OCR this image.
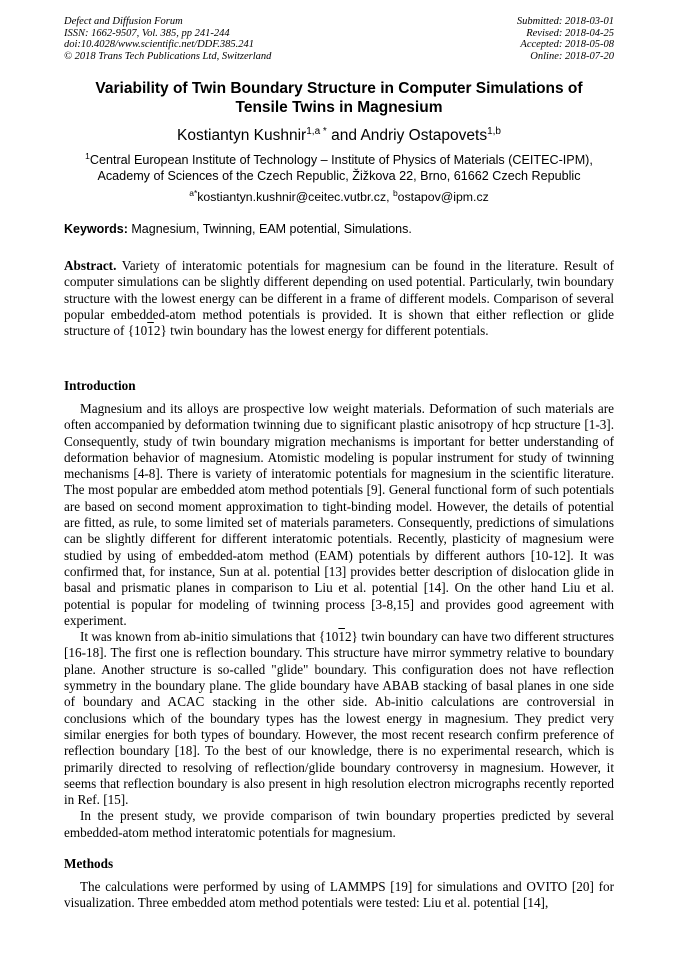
Defect and Diffusion Forum
ISSN: 1662-9507, Vol. 385, pp 241-244
doi:10.4028/www.scientific.net/DDF.385.241
© 2018 Trans Tech Publications Ltd, Switzerland
Submitted: 2018-03-01
Revised: 2018-04-25
Accepted: 2018-05-08
Online: 2018-07-20
Variability of Twin Boundary Structure in Computer Simulations of
Tensile Twins in Magnesium
Kostiantyn Kushnir$^{1,a *}$ and Andriy Ostapovets$^{1,b}$
$^1$Central European Institute of Technology – Institute of Physics of Materials (CEITEC-IPM),
Academy of Sciences of the Czech Republic, Žižkova 22, Brno, 61662 Czech Republic
$^{a*}$kostiantyn.kushnir@ceitec.vutbr.cz, $^b$ostapov@ipm.cz
Keywords: Magnesium, Twinning, EAM potential, Simulations.
Abstract. Variety of interatomic potentials for magnesium can be found in the literature. Result of computer simulations can be slightly different depending on used potential. Particularly, twin boundary structure with the lowest energy can be different in a frame of different models. Comparison of several popular embedded-atom method potentials is provided. It is shown that either reflection or glide structure of {1012} twin boundary has the lowest energy for different potentials.
Introduction

Magnesium and its alloys are prospective low weight materials. Deformation of such materials are often accompanied by deformation twinning due to significant plastic anisotropy of hcp structure [1-3]. Consequently, study of twin boundary migration mechanisms is important for better understanding of deformation behavior of magnesium. Atomistic modeling is popular instrument for study of twinning mechanisms [4-8]. There is variety of interatomic potentials for magnesium in the scientific literature. The most popular are embedded atom method potentials [9]. General functional form of such potentials are based on second moment approximation to tight-binding model. However, the details of potential are fitted, as rule, to some limited set of materials parameters. Consequently, predictions of simulations can be slightly different for different interatomic potentials. Recently, plasticity of magnesium were studied by using of embedded-atom method (EAM) potentials by different authors [10-12]. It was confirmed that, for instance, Sun at al. potential [13] provides better description of dislocation glide in basal and prismatic planes in comparison to Liu et al. potential [14]. On the other hand Liu et al. potential is popular for modeling of twinning process [3-8,15] and provides good agreement with experiment.

It was known from ab-initio simulations that {1012} twin boundary can have two different structures [16-18]. The first one is reflection boundary. This structure have mirror symmetry relative to boundary plane. Another structure is so-called "glide" boundary. This configuration does not have reflection symmetry in the boundary plane. The glide boundary have ABAB stacking of basal planes in one side of boundary and ACAC stacking in the other side. Ab-initio calculations are controversial in conclusions which of the boundary types has the lowest energy in magnesium. They predict very similar energies for both types of boundary. However, the most recent research confirm preference of reflection boundary [18]. To the best of our knowledge, there is no experimental research, which is primarily directed to resolving of reflection/glide boundary controversy in magnesium. However, it seems that reflection boundary is also present in high resolution electron micrographs recently reported in Ref. [15].

In the present study, we provide comparison of twin boundary properties predicted by several embedded-atom method interatomic potentials for magnesium.

Methods

The calculations were performed by using of LAMMPS [19] for simulations and OVITO [20] for visualization. Three embedded atom method potentials were tested: Liu et al. potential [14],
